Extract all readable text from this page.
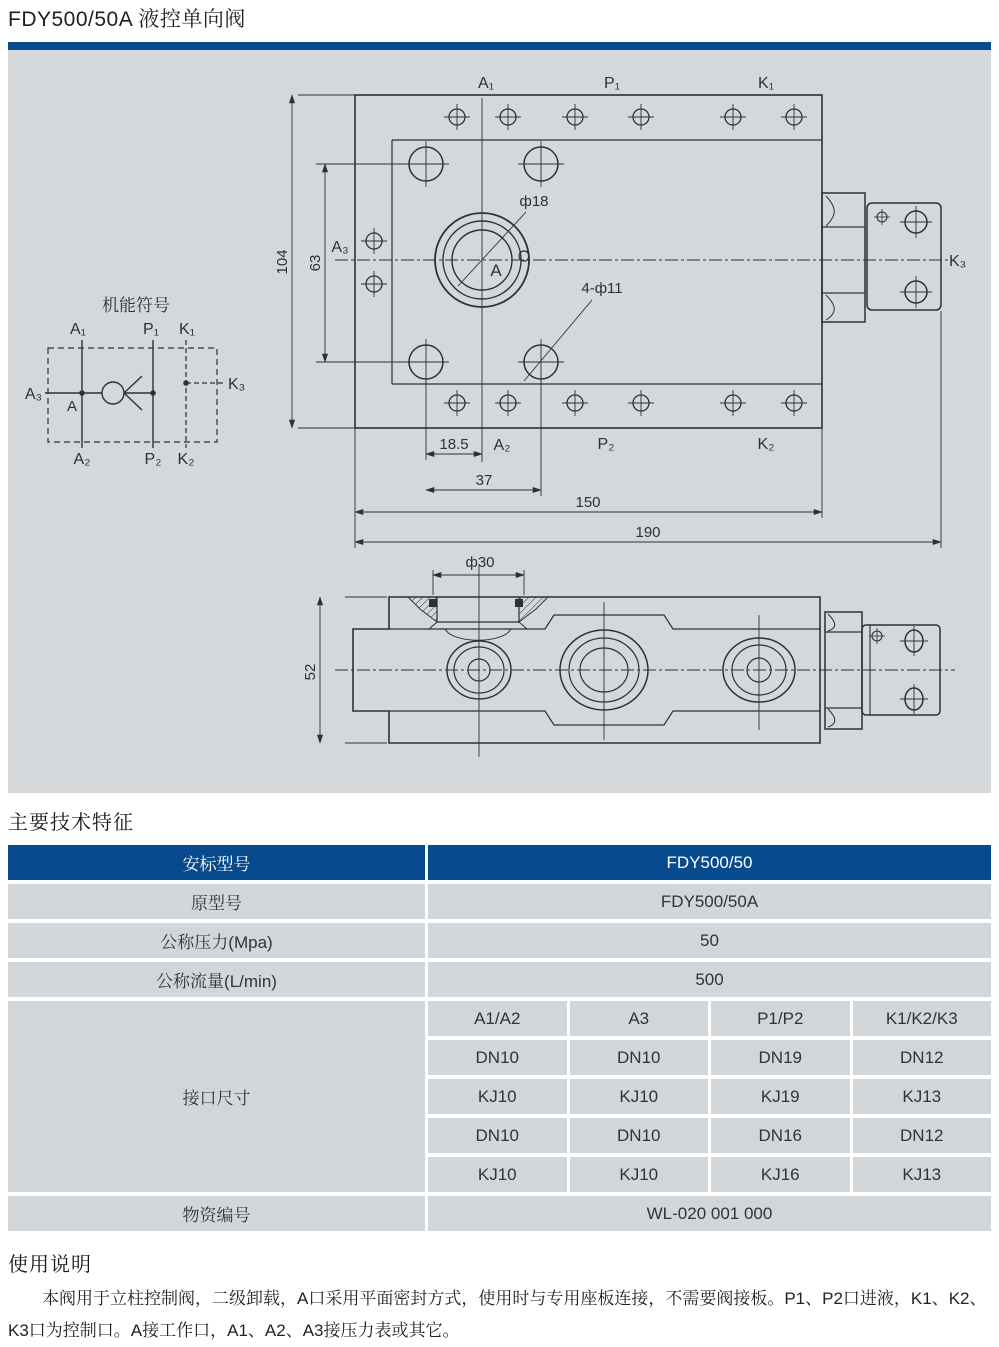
FDY500/50A 液控单向阀
机能符号
A₁	P₁ K₁
A₂	P₂ K₂
A₃
K₃
A
A₁	P₁	K₁
A₂	P₂	K₂
A₃
K₃
A
ф18
4-ф11
104 63
18.5
37
150
190
ф30
52
主要技术特征
安标型号	FDY500/50
原型号	FDY500/50A
公称压力(Mpa)	50
公称流量(L/min)	500
接口尺寸
A1/A2	A3	P1/P2	K1/K2/K3
DN10	DN10	DN19	DN12
KJ10	KJ10	KJ19	KJ13
DN10	DN10	DN16	DN12
KJ10	KJ10	KJ16	KJ13
物资编号	WL-020 001 000
使用说明
本阀用于立柱控制阀，二级卸载，A口采用平面密封方式，使用时与专用座板连接，不需要阀接板。P1、P2口进液，K1、K2、
K3口为控制口。A接工作口，A1、A2、A3接压力表或其它。
